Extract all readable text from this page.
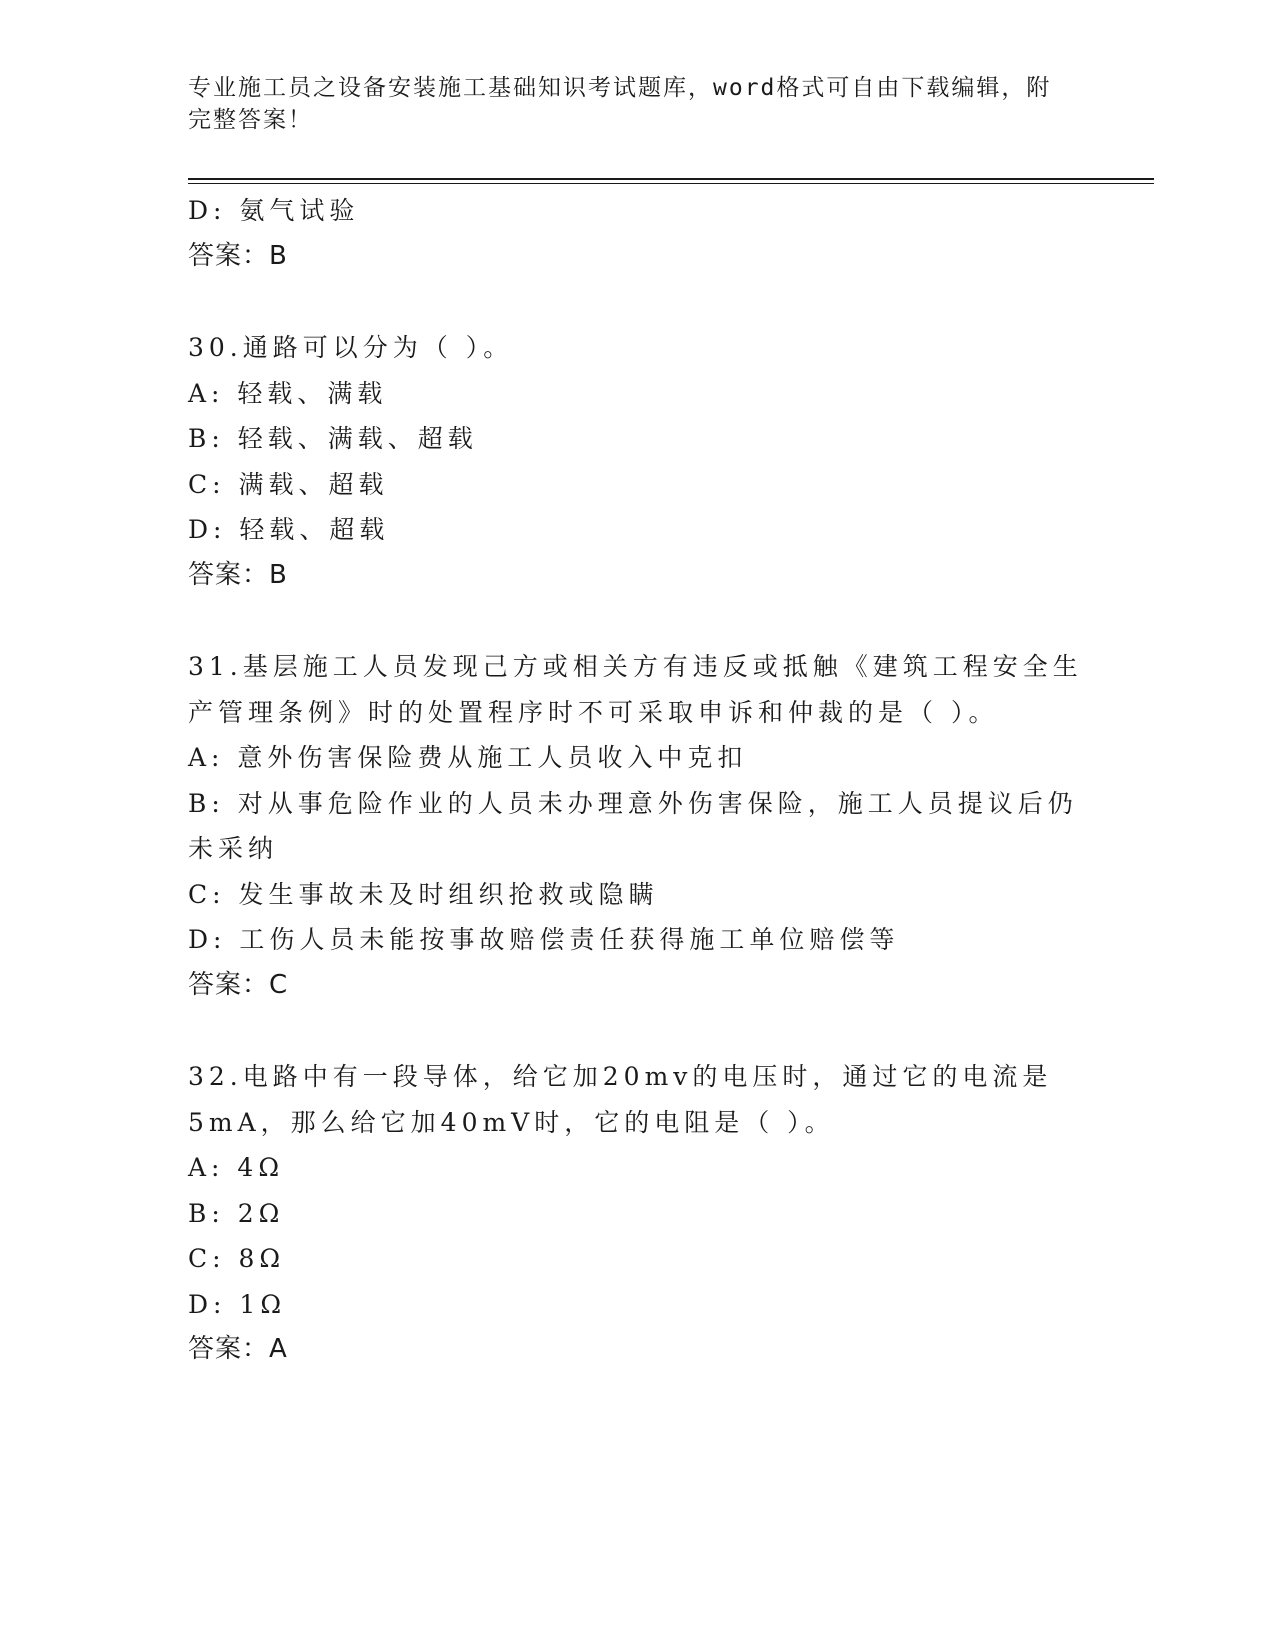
专业施工员之设备安装施工基础知识考试题库，word格式可自由下载编辑，附完整答案！
D: 氨气试验
答案：B
30.通路可以分为（ ）。
A: 轻载、满载
B: 轻载、满载、超载
C: 满载、超载
D: 轻载、超载
答案：B
31.基层施工人员发现己方或相关方有违反或抵触《建筑工程安全生产管理条例》时的处置程序时不可采取申诉和仲裁的是（ ）。
A: 意外伤害保险费从施工人员收入中克扣
B: 对从事危险作业的人员未办理意外伤害保险，施工人员提议后仍未采纳
C: 发生事故未及时组织抢救或隐瞒
D: 工伤人员未能按事故赔偿责任获得施工单位赔偿等
答案：C
32.电路中有一段导体，给它加20mv的电压时，通过它的电流是5mA，那么给它加40mV时，它的电阻是（ ）。
A: 4Ω
B: 2Ω
C: 8Ω
D: 1Ω
答案：A
